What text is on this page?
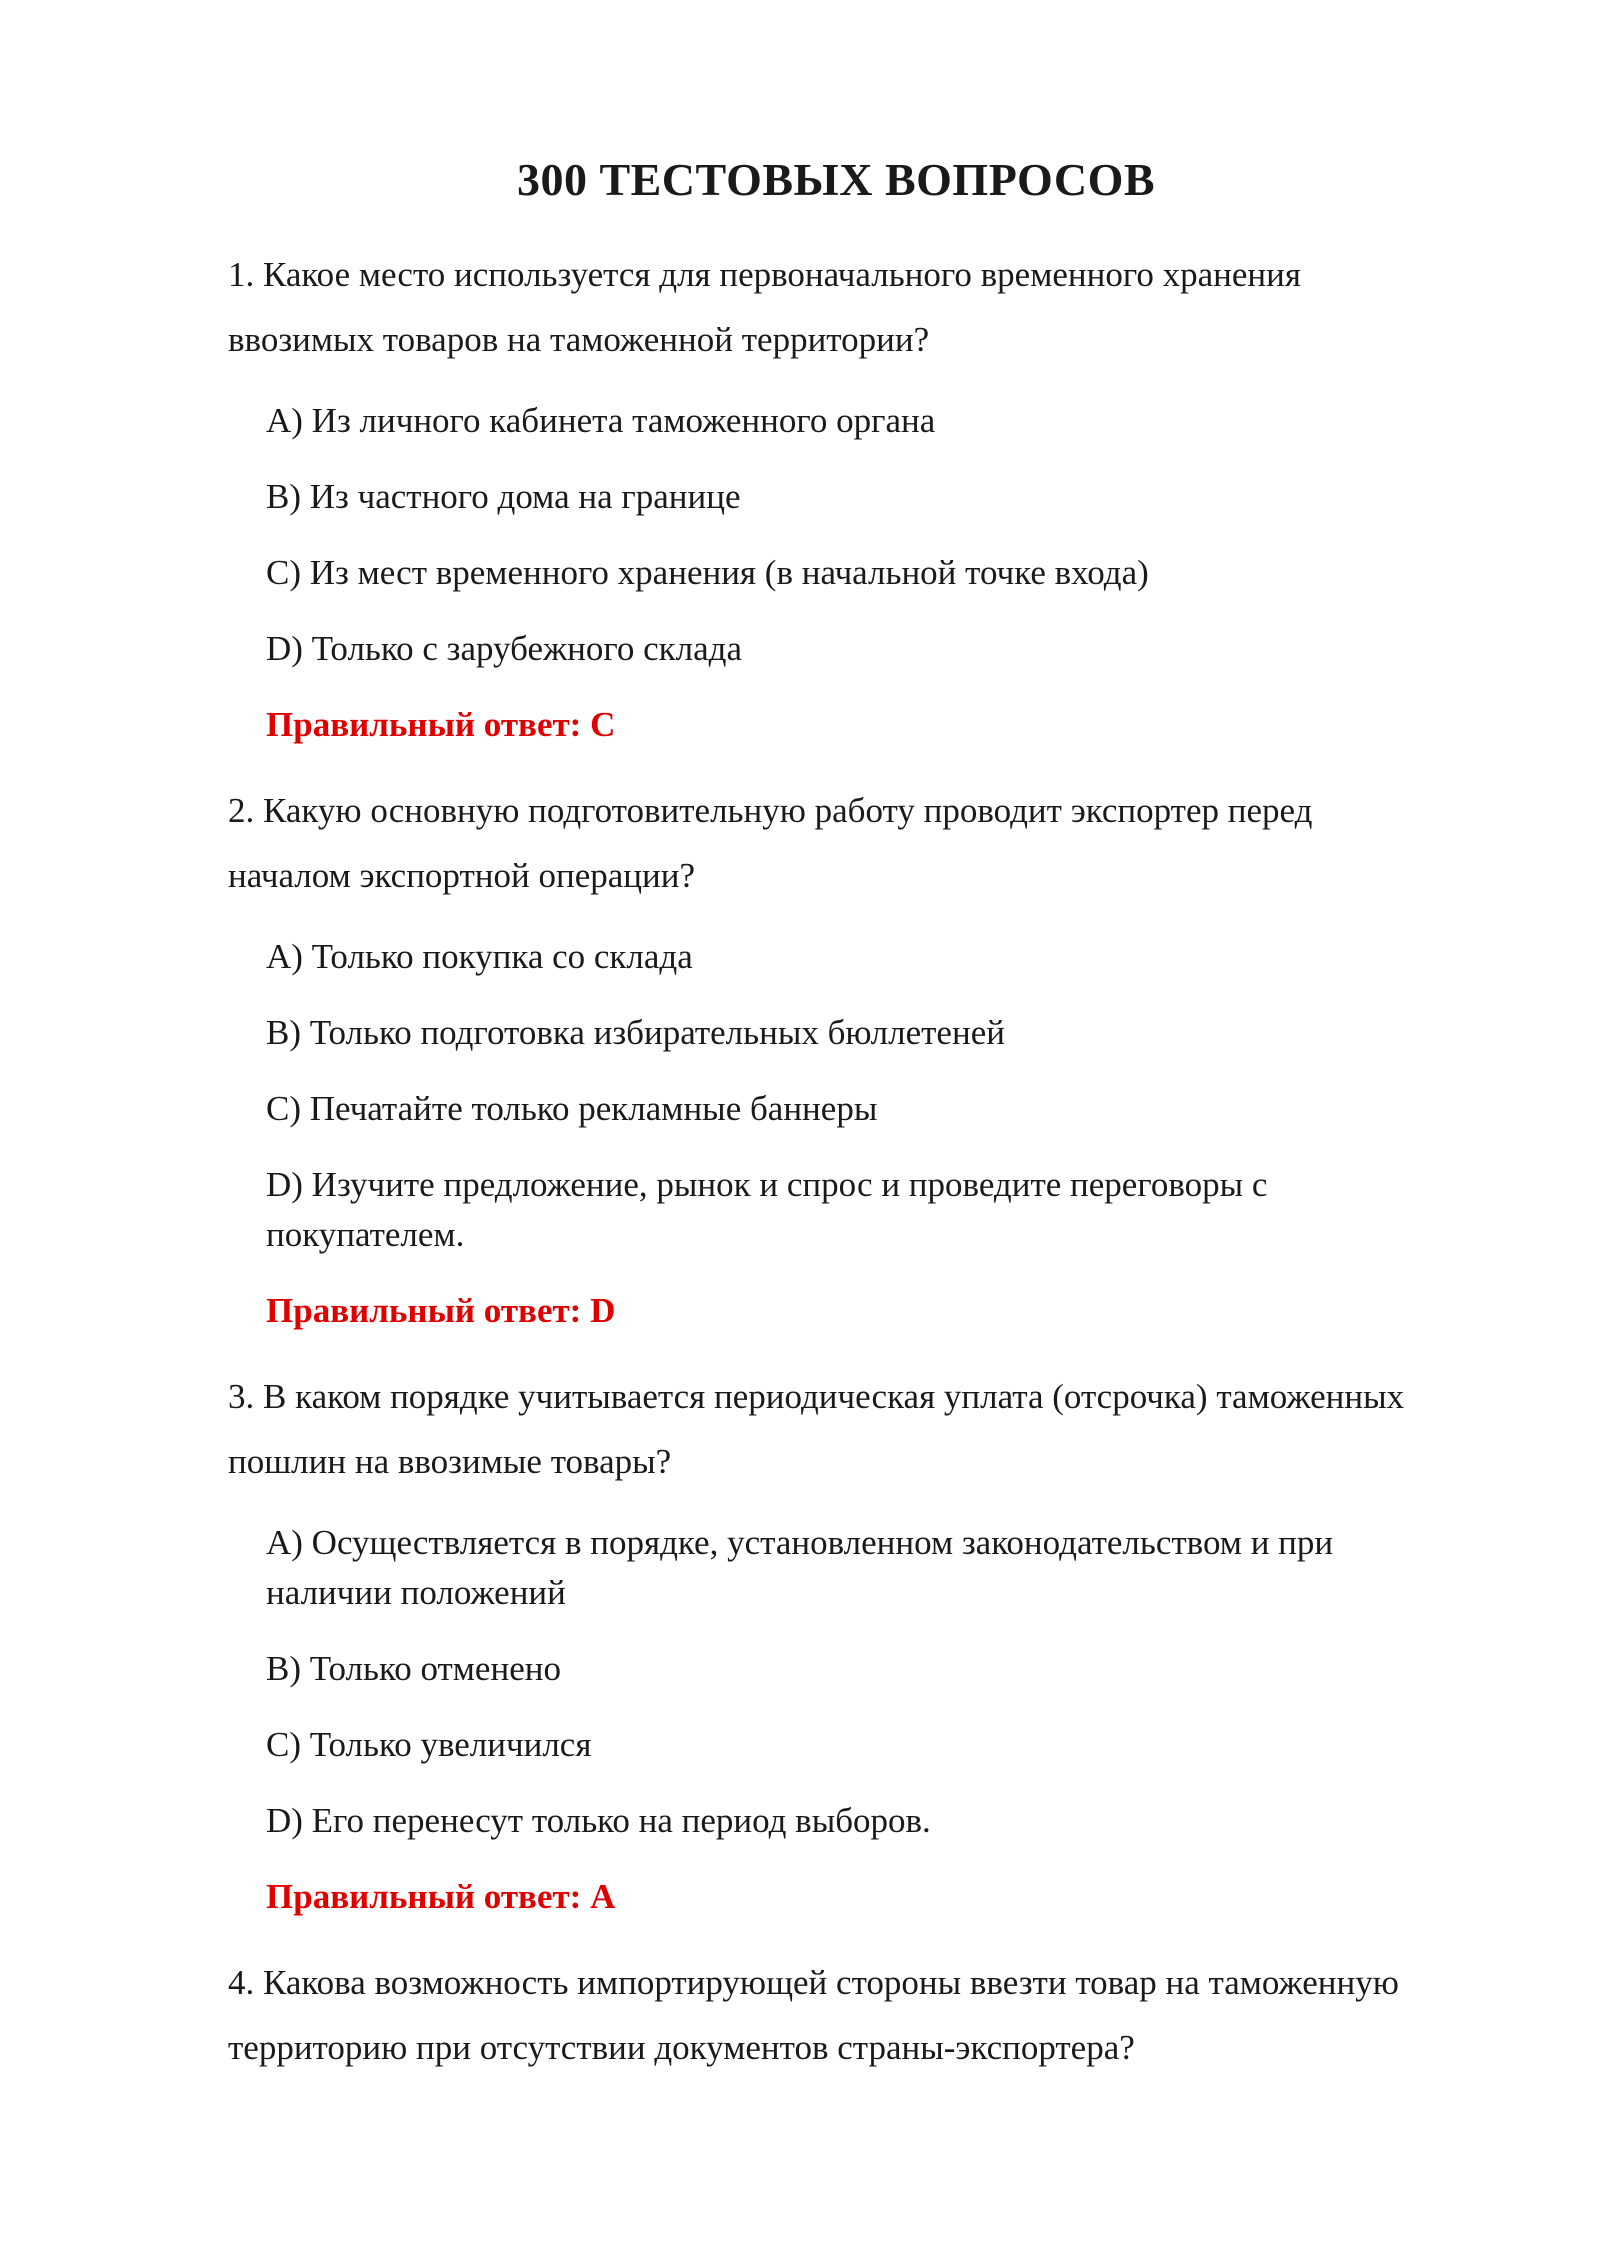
300 ТЕСТОВЫХ ВОПРОСОВ

1. Какое место используется для первоначального временного хранения ввозимых товаров на таможенной территории?

A) Из личного кабинета таможенного органа
B) Из частного дома на границе
C) Из мест временного хранения (в начальной точке входа)
D) Только с зарубежного склада

Правильный ответ: C

2. Какую основную подготовительную работу проводит экспортер перед началом экспортной операции?

A) Только покупка со склада
B) Только подготовка избирательных бюллетеней
C) Печатайте только рекламные баннеры
D) Изучите предложение, рынок и спрос и проведите переговоры с покупателем.

Правильный ответ: D

3. В каком порядке учитывается периодическая уплата (отсрочка) таможенных пошлин на ввозимые товары?

A) Осуществляется в порядке, установленном законодательством и при наличии положений
B) Только отменено
C) Только увеличился
D) Его перенесут только на период выборов.

Правильный ответ: A

4. Какова возможность импортирующей стороны ввезти товар на таможенную территорию при отсутствии документов страны-экспортера?
